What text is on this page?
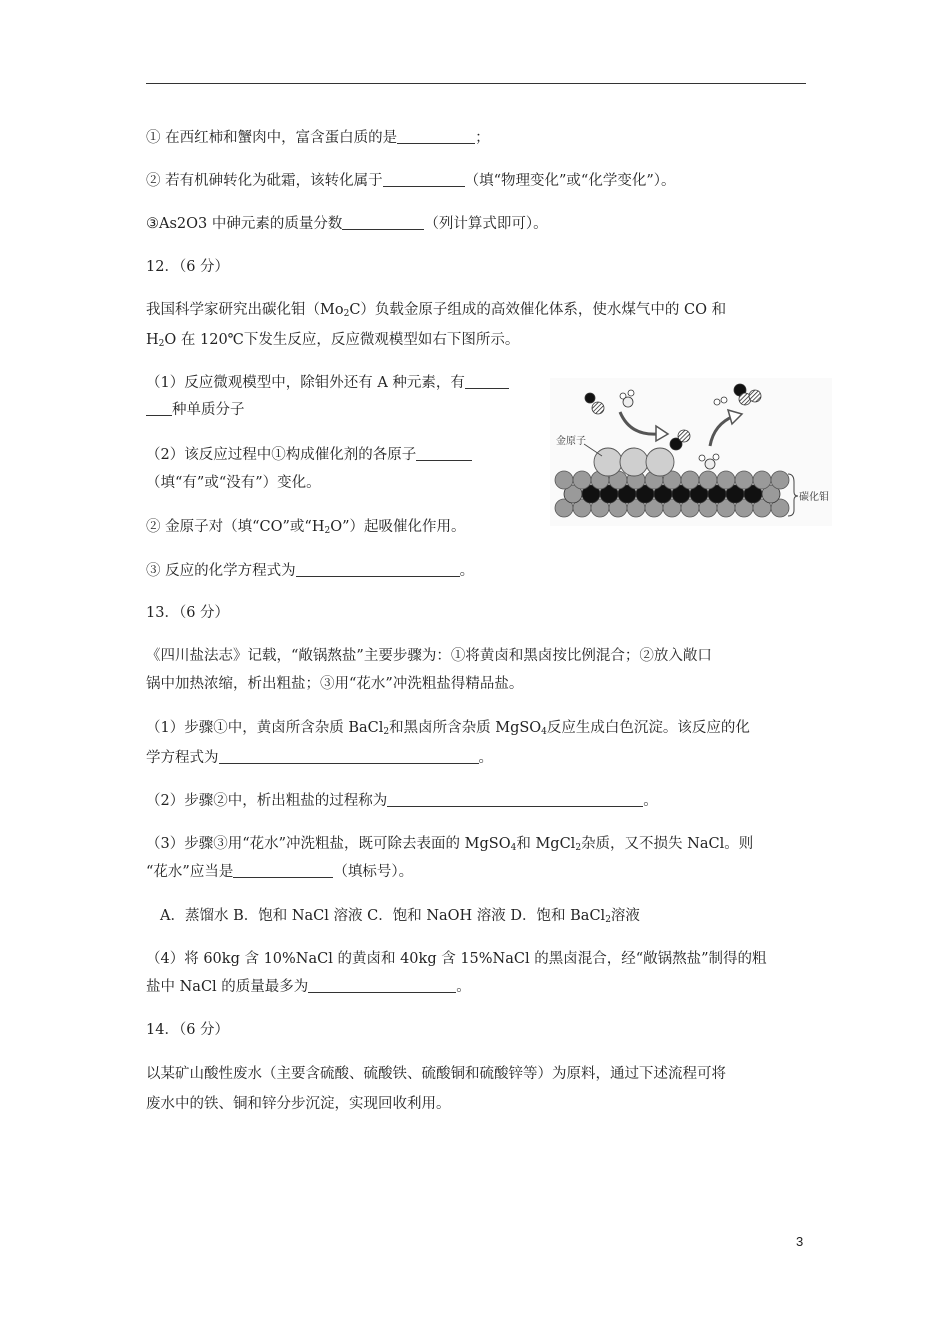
① 在西红柿和蟹肉中，富含蛋白质的是	；
② 若有机砷转化为砒霜，该转化属于	（填“物理变化”或“化学变化”）。
③As2O3 中砷元素的质量分数	（列计算式即可）。
12．（6 分）
我国科学家研究出碳化钼$(Mo_2C)$负载金原子组成的高效催化体系，使水煤气中的 CO 和
$H_2O$ 在 120℃下发生反应，反应微观模型如右下图所示。
（1）反应微观模型中，除钼外还有 A 种元素，有
种单质分子
（2）该反应过程中①构成催化剂的各原子
（填“有”或“没有”）变化。
② 金原子对（填“CO”或“$H_2O$”）起吸催化作用。
③ 反应的化学方程式为	。
碳化钼
金原子
13．（6 分）
《四川盐法志》记载，“敞锅熬盐”主要步骤为：①将黄卤和黑卤按比例混合；②放入敞口
锅中加热浓缩，析出粗盐；③用“花水”冲洗粗盐得精品盐。
（1）步骤①中，黄卤所含杂质 BaCl$_2$和黑卤所含杂质 MgSO$_4$反应生成白色沉淀。该反应的化
学方程式为	。
（2）步骤②中，析出粗盐的过程称为	。
（3）步骤③用“花水”冲洗粗盐，既可除去表面的 MgSO$_4$和 MgCl$_2$杂质，又不损失 NaCl。则
“花水”应当是	（填标号）。
A．蒸馏水 B．饱和 NaCl 溶液 C．饱和 NaOH 溶液 D．饱和 BaCl$_2$溶液
（4）将 60kg 含 10%NaCl 的黄卤和 40kg 含 15%NaCl 的黑卤混合，经“敞锅熬盐”制得的粗
盐中 NaCl 的质量最多为	。
14．（6 分）
以某矿山酸性废水（主要含硫酸、硫酸铁、硫酸铜和硫酸锌等）为原料，通过下述流程可将
废水中的铁、铜和锌分步沉淀，实现回收利用。
3
